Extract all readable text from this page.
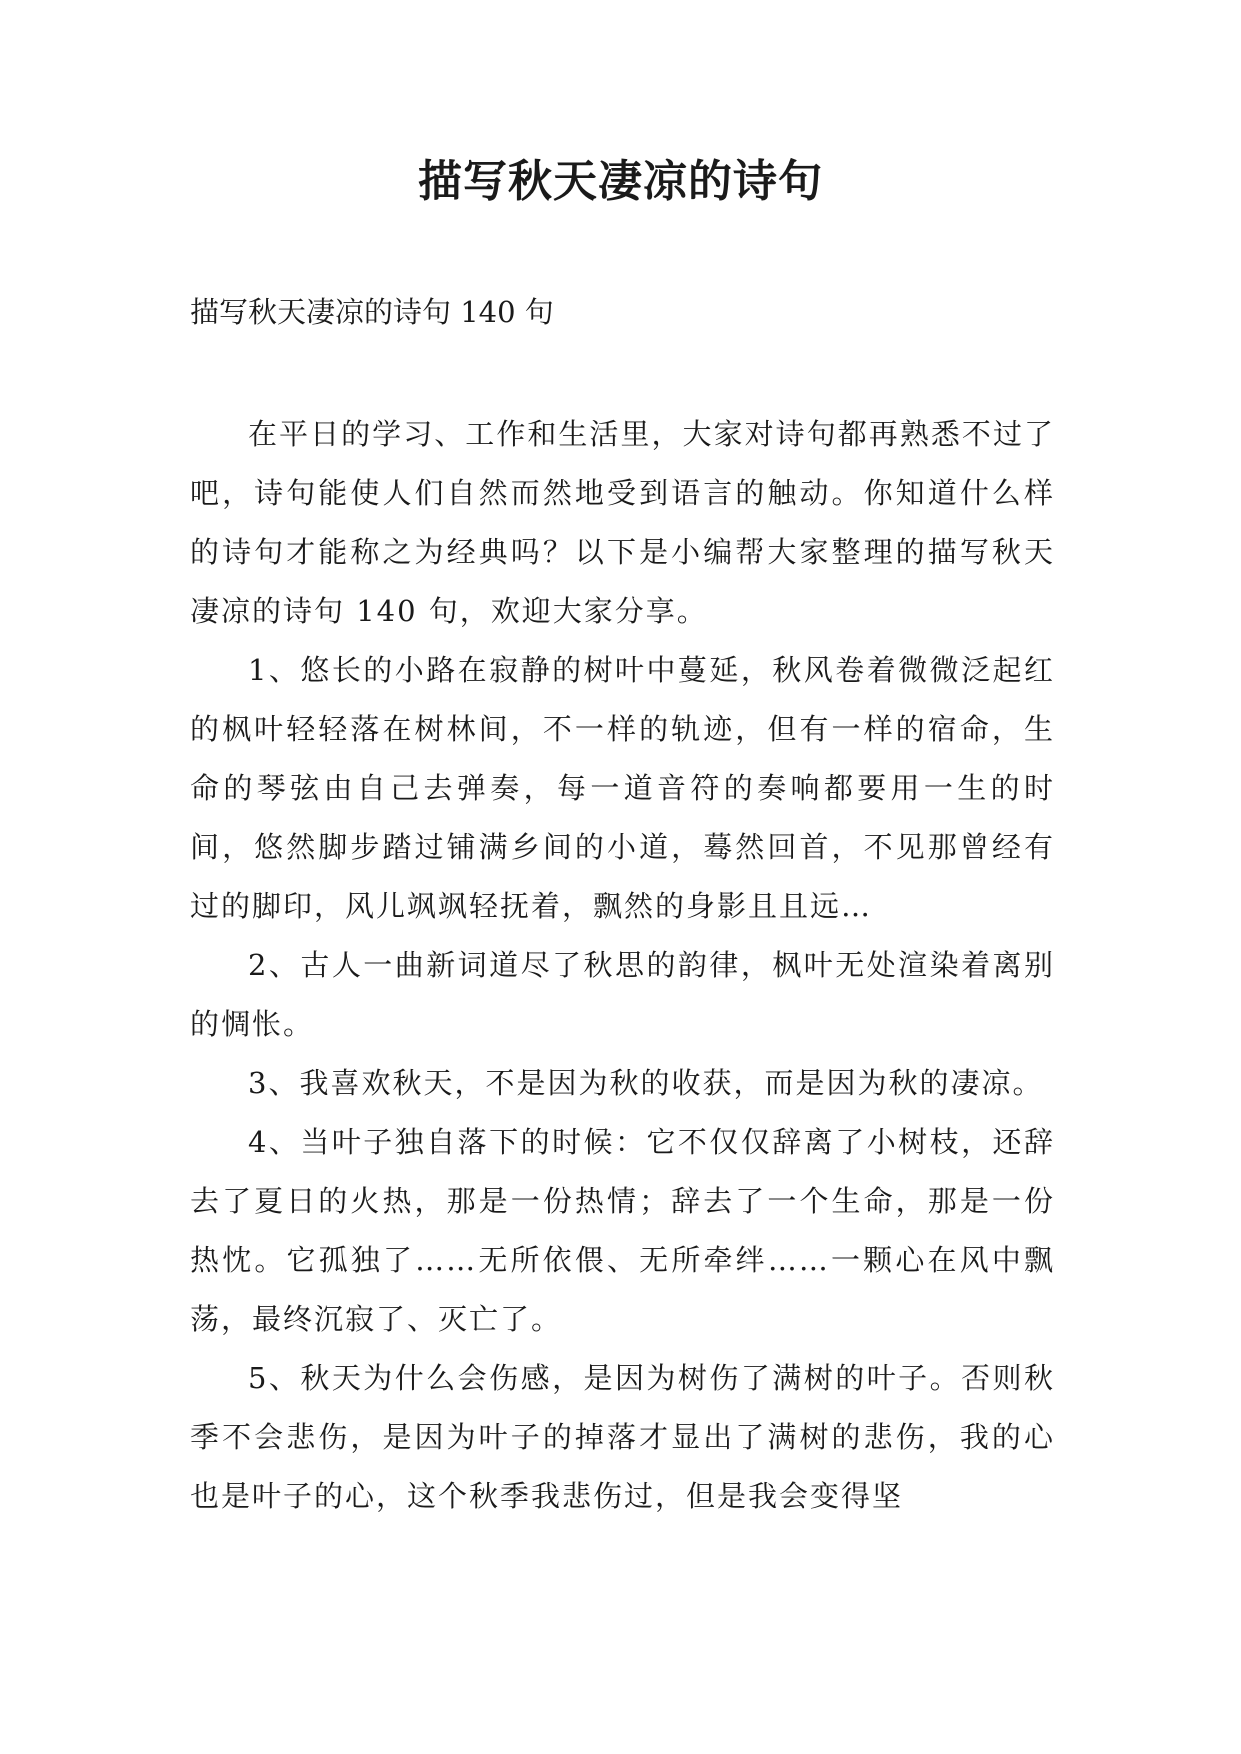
描写秋天凄凉的诗句

描写秋天凄凉的诗句 140 句

在平日的学习、工作和生活里，大家对诗句都再熟悉不过了吧，诗句能使人们自然而然地受到语言的触动。你知道什么样的诗句才能称之为经典吗？以下是小编帮大家整理的描写秋天凄凉的诗句 140 句，欢迎大家分享。

1、悠长的小路在寂静的树叶中蔓延，秋风卷着微微泛起红的枫叶轻轻落在树林间，不一样的轨迹，但有一样的宿命，生命的琴弦由自己去弹奏，每一道音符的奏响都要用一生的时间，悠然脚步踏过铺满乡间的小道，蓦然回首，不见那曾经有过的脚印，风儿飒飒轻抚着，飘然的身影且且远…

2、古人一曲新词道尽了秋思的韵律，枫叶无处渲染着离别的惆怅。

3、我喜欢秋天，不是因为秋的收获，而是因为秋的凄凉。

4、当叶子独自落下的时候：它不仅仅辞离了小树枝，还辞去了夏日的火热，那是一份热情；辞去了一个生命，那是一份热忱。它孤独了……无所依偎、无所牵绊……一颗心在风中飘荡，最终沉寂了、灭亡了。

5、秋天为什么会伤感，是因为树伤了满树的叶子。否则秋季不会悲伤，是因为叶子的掉落才显出了满树的悲伤，我的心也是叶子的心，这个秋季我悲伤过，但是我会变得坚
